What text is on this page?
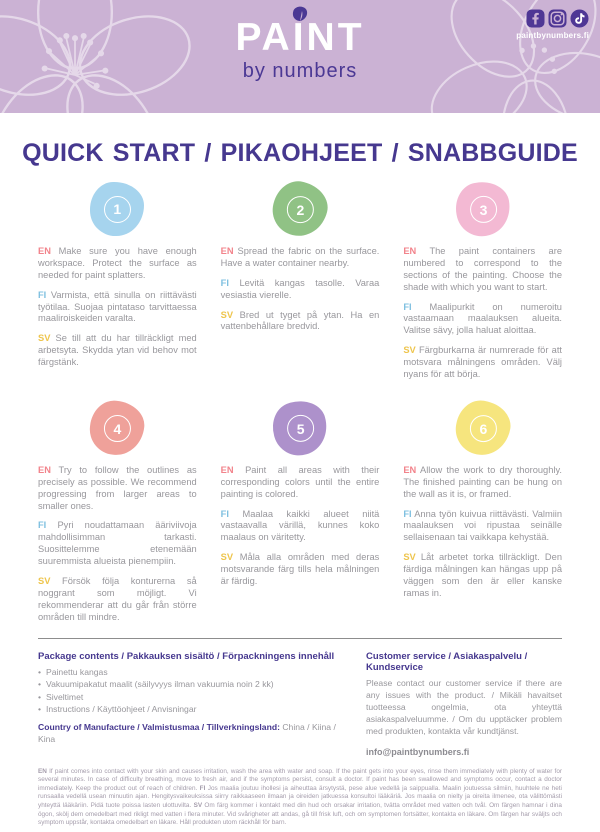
PAINT
by numbers
paintbynumbers.fi
QUICK START / PIKAOHJEET / SNABBGUIDE
1

EN Make sure you have enough workspace. Protect the surface as needed for paint splatters.

FI Varmista, että sinulla on riittävästi työtilaa. Suojaa pintataso tarvittaessa maaliroiskeiden varalta.

SV Se till att du har tillräckligt med arbetsyta. Skydda ytan vid behov mot färgstänk.

2

EN Spread the fabric on the surface. Have a water container nearby.

FI Levitä kangas tasolle. Varaa vesiastia vierelle.

SV Bred ut tyget på ytan. Ha en vattenbehållare bredvid.

3

EN The paint containers are numbered to correspond to the sections of the painting. Choose the shade with which you want to start.

FI Maalipurkit on numeroitu vastaamaan maalauksen alueita. Valitse sävy, jolla haluat aloittaa.

SV Färgburkarna är numrerade för att motsvara målningens områden. Välj nyans för att börja.

4

EN Try to follow the outlines as precisely as possible. We recommend progressing from larger areas to smaller ones.

FI Pyri noudattamaan ääriviivoja mahdollisimman tarkasti. Suosittelemme etenemään suuremmista alueista pienempiin.

SV Försök följa konturerna så noggrant som möjligt. Vi rekommenderar att du går från större områden till mindre.

5

EN Paint all areas with their corresponding colors until the entire painting is colored.

FI Maalaa kaikki alueet niitä vastaavalla värillä, kunnes koko maalaus on väritetty.

SV Måla alla områden med deras motsvarande färg tills hela målningen är färdig.

6

EN Allow the work to dry thoroughly. The finished painting can be hung on the wall as it is, or framed.

FI Anna työn kuivua riittävästi. Valmiin maalauksen voi ripustaa seinälle sellaisenaan tai vaikkapa kehystää.

SV Låt arbetet torka tillräckligt. Den färdiga målningen kan hängas upp på väggen som den är eller kanske ramas in.

Package contents / Pakkauksen sisältö / Förpackningens innehåll
• Painettu kangas
• Vakuumipakatut maalit (säilyvyys ilman vakuumia noin 2 kk)
• Siveltimet
• Instructions / Käyttöohjeet / Anvisningar

Country of Manufacture / Valmistusmaa / Tillverkningsland: China / Kiina / Kina

Customer service / Asiakaspalvelu / Kundservice

Please contact our customer service if there are any issues with the product. / Mikäli havaitset tuotteessa ongelmia, ota yhteyttä asiakaspalveluumme. / Om du upptäcker problem med produkten, kontakta vår kundtjänst.

info@paintbynumbers.fi

EN If paint comes into contact with your skin and causes irritation, wash the area with water and soap. If the paint gets into your eyes, rinse them immediately with plenty of water for several minutes. In case of difficulty breathing, move to fresh air, and if the symptoms persist, consult a doctor. If paint has been swallowed and symptoms occur, contact a doctor immediately. Keep the product out of reach of children. FI Jos maalia joutuu ihollesi ja aiheuttaa ärsytystä, pese alue vedellä ja saippualla. Maalin joutuessa silmiin, huuhtele ne heti runsaalla vedellä usean minuutin ajan. Hengitysvaikeuksissa siirry raikkaaseen ilmaan ja oireiden jatkuessa konsultoi lääkäriä. Jos maalia on nielty ja oireita ilmenee, ota välittömästi yhteyttä lääkäriin. Pidä tuote poissa lasten ulottuvilta. SV Om färg kommer i kontakt med din hud och orsakar irritation, tvätta området med vatten och tvål. Om färgen hamnar i dina ögon, skölj dem omedelbart med rikligt med vatten i flera minuter. Vid svårigheter att andas, gå till frisk luft, och om symptomen fortsätter, kontakta en läkare. Om färgen har sväljts och symptom uppstår, kontakta omedelbart en läkare. Håll produkten utom räckhåll för barn.
